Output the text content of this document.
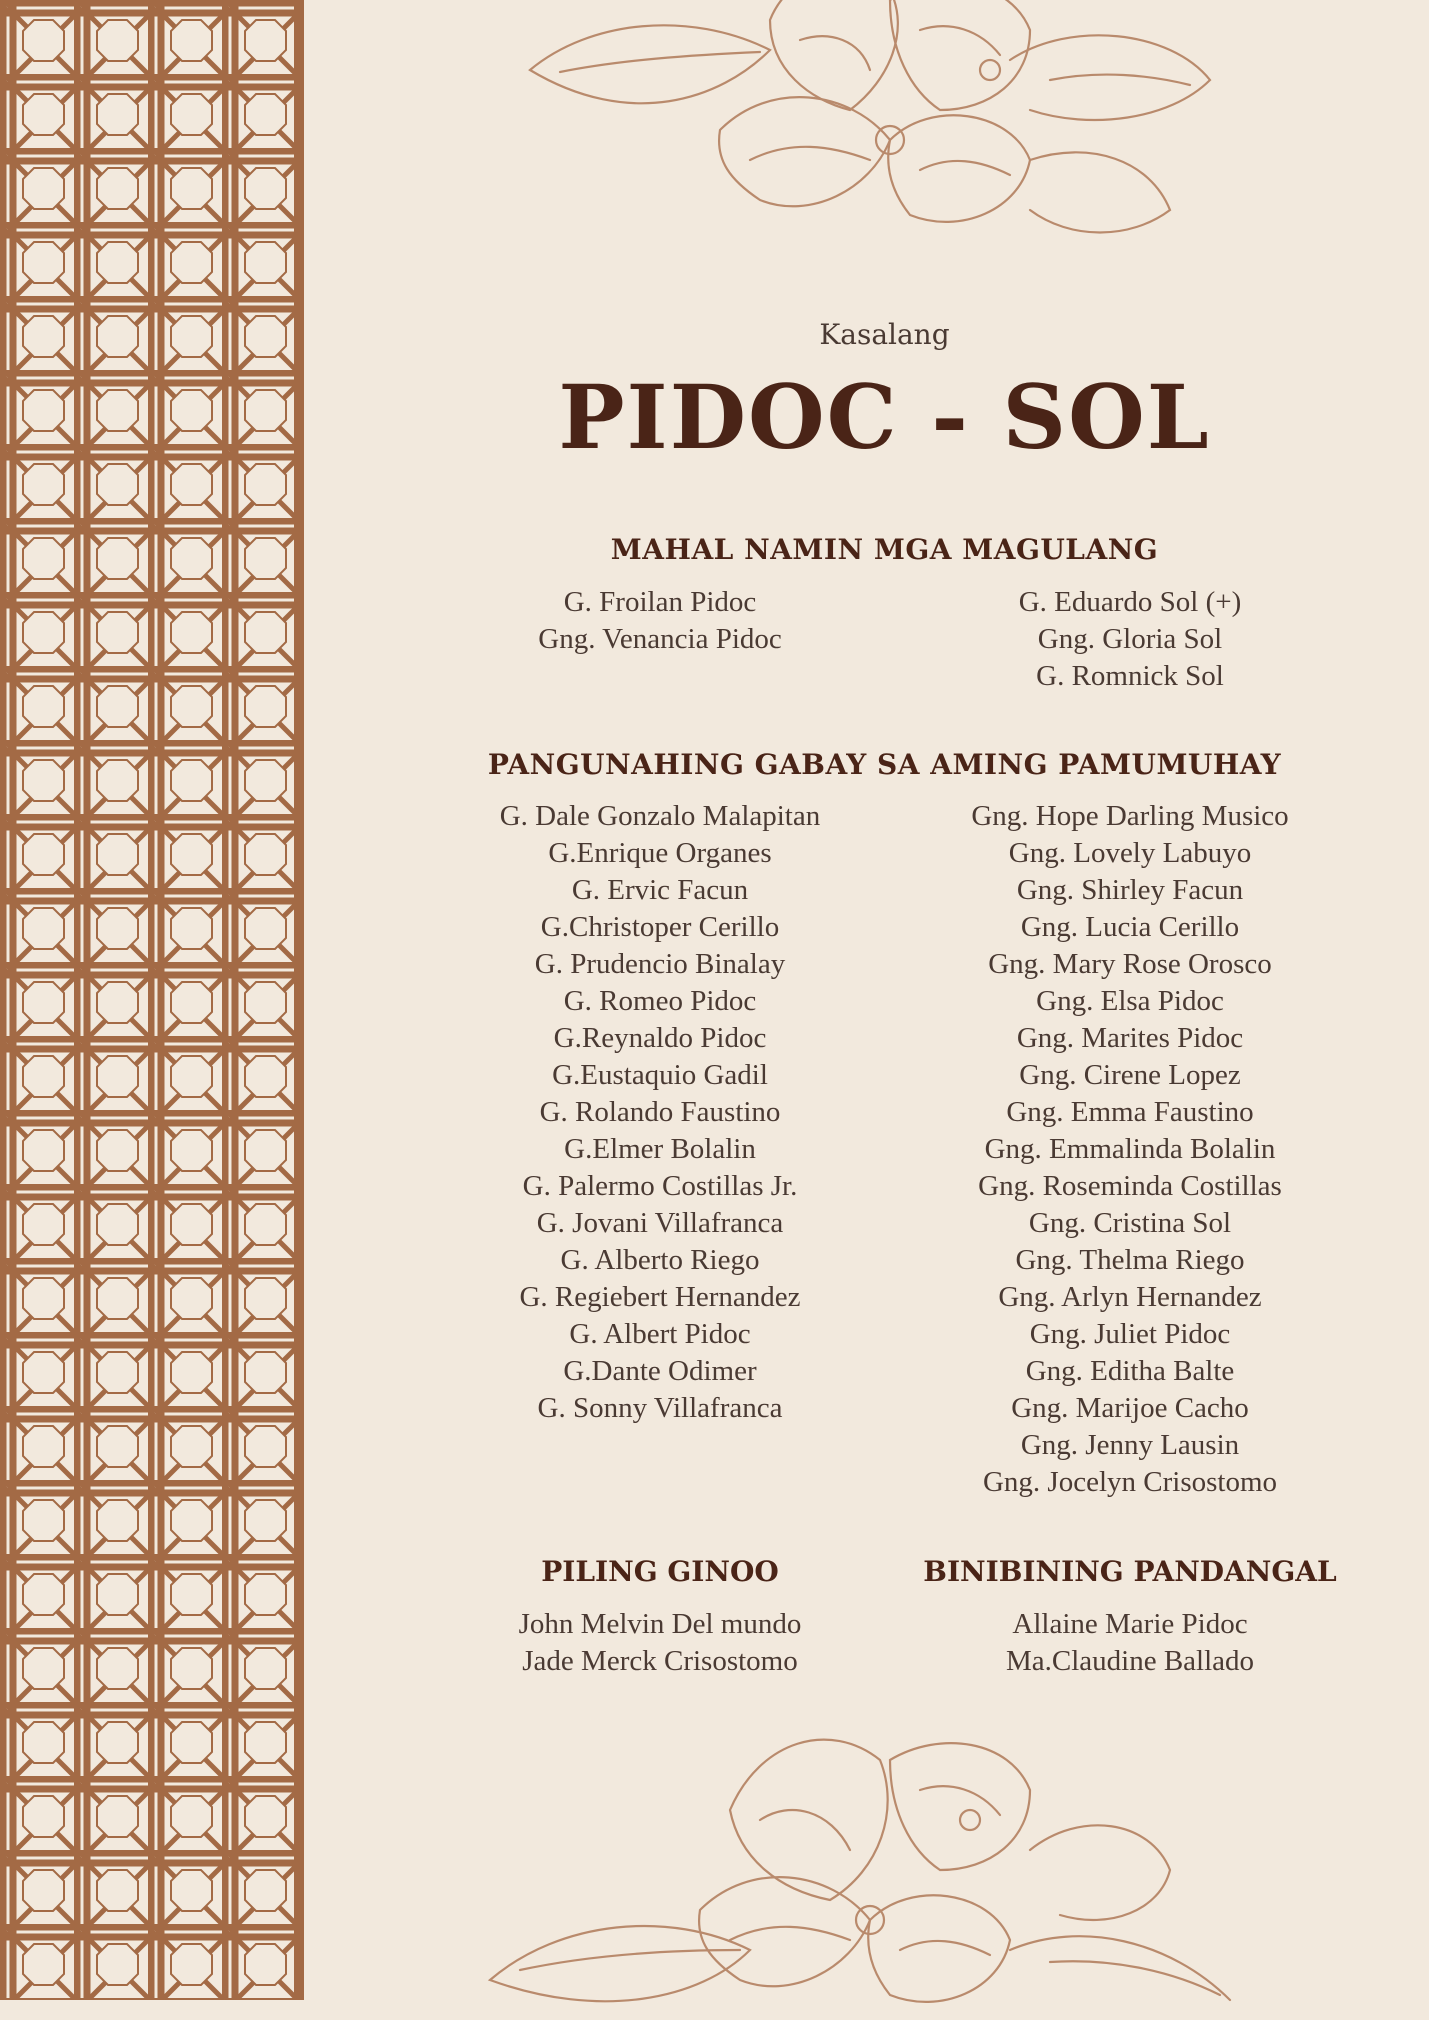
Kasalang
PIDOC - SOL
MAHAL NAMIN MGA MAGULANG
G. Froilan Pidoc
Gng. Venancia Pidoc
G. Eduardo Sol (+)
Gng. Gloria Sol
G. Romnick Sol
PANGUNAHING GABAY SA AMING PAMUMUHAY
G. Dale Gonzalo Malapitan
G.Enrique Organes
G. Ervic Facun
G.Christoper Cerillo
G. Prudencio Binalay
G. Romeo Pidoc
G.Reynaldo Pidoc
G.Eustaquio Gadil
G. Rolando Faustino
G.Elmer Bolalin
G. Palermo Costillas Jr.
G. Jovani Villafranca
G. Alberto Riego
G. Regiebert Hernandez
G. Albert Pidoc
G.Dante Odimer
G. Sonny Villafranca
Gng. Hope Darling Musico
Gng. Lovely Labuyo
Gng. Shirley Facun
Gng. Lucia Cerillo
Gng. Mary Rose Orosco
Gng. Elsa Pidoc
Gng. Marites Pidoc
Gng. Cirene Lopez
Gng. Emma Faustino
Gng. Emmalinda Bolalin
Gng. Roseminda Costillas
Gng. Cristina Sol
Gng. Thelma Riego
Gng. Arlyn Hernandez
Gng. Juliet Pidoc
Gng. Editha Balte
Gng. Marijoe Cacho
Gng. Jenny Lausin
Gng. Jocelyn Crisostomo
PILING GINOO	BINIBINING PANDANGAL
John Melvin Del mundo
Jade Merck Crisostomo
Allaine Marie Pidoc
Ma.Claudine Ballado
